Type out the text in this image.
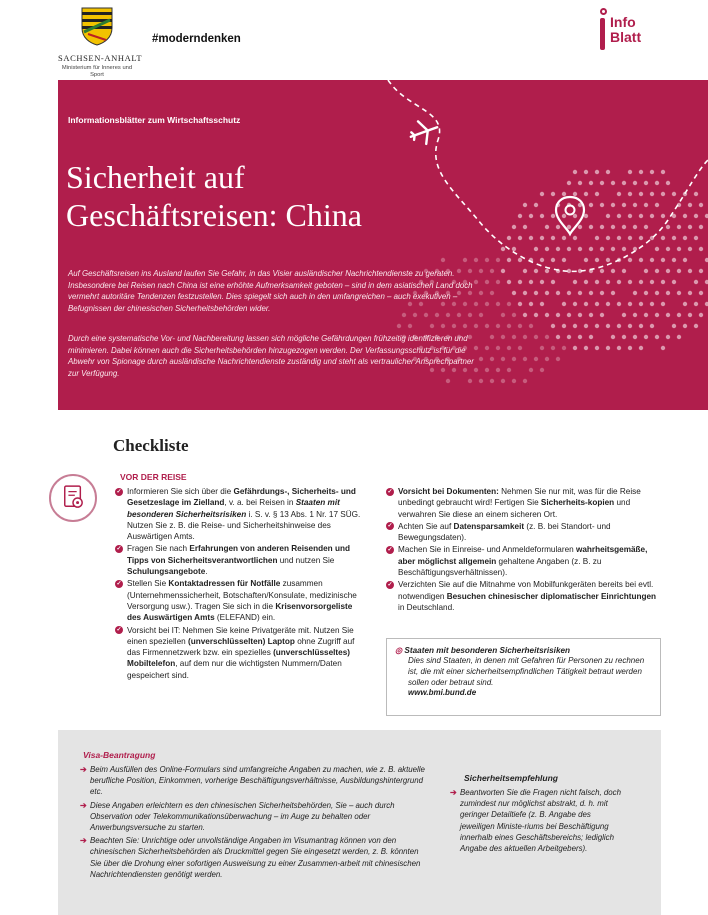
SACHSEN-ANHALT
Ministerium für Inneres und Sport
#moderndenken
Info
Blatt
Informationsblätter zum Wirtschaftsschutz
Sicherheit auf
Geschäftsreisen: China
Auf Geschäftsreisen ins Ausland laufen Sie Gefahr, in das Visier ausländischer Nachrichtendienste zu geraten. Insbesondere bei Reisen nach China ist eine erhöhte Aufmerksamkeit geboten – sind in dem asiatischen Land doch vermehrt autoritäre Tendenzen festzustellen. Dies spiegelt sich auch in den umfangreichen – auch exekutiven – Befugnissen der chinesischen Sicherheitsbehörden wider.
Durch eine systematische Vor- und Nachbereitung lassen sich mögliche Gefährdungen frühzeitig identifizieren und minimieren. Dabei können auch die Sicherheitsbehörden hinzugezogen werden. Der Verfassungsschutz ist für die Abwehr von Spionage durch ausländische Nachrichtendienste zuständig und steht als vertraulicher Ansprechpartner zur Verfügung.
Checkliste
VOR DER REISE
✓ Informieren Sie sich über die Gefährdungs-, Sicherheits- und Gesetzeslage im Zielland, v. a. bei Reisen in Staaten mit besonderen Sicherheitsrisiken i. S. v. § 13 Abs. 1 Nr. 17 SÜG. Nutzen Sie z. B. die Reise- und Sicherheitshinweise des Auswärtigen Amts.
✓ Fragen Sie nach Erfahrungen von anderen Reisenden und Tipps von Sicherheitsverantwortlichen und nutzen Sie Schulungsangebote.
✓ Stellen Sie Kontaktadressen für Notfälle zusammen (Unternehmenssicherheit, Botschaften/Konsulate, medizinische Versorgung usw.). Tragen Sie sich in die Krisenvorsorgeliste des Auswärtigen Amts (ELEFAND) ein.
✓ Vorsicht bei IT: Nehmen Sie keine Privatgeräte mit. Nutzen Sie einen speziellen (unverschlüsselten) Laptop ohne Zugriff auf das Firmennetzwerk bzw. ein spezielles (unverschlüsseltes) Mobiltelefon, auf dem nur die wichtigsten Nummern/Daten gespeichert sind.
✓ Vorsicht bei Dokumenten: Nehmen Sie nur mit, was für die Reise unbedingt gebraucht wird! Fertigen Sie Sicherheits-kopien und verwahren Sie diese an einem sicheren Ort.
✓ Achten Sie auf Datensparsamkeit (z. B. bei Standort- und Bewegungsdaten).
✓ Machen Sie in Einreise- und Anmeldeformularen wahrheitsgemäße, aber möglichst allgemein gehaltene Angaben (z. B. zu Beschäftigungsverhältnissen).
✓ Verzichten Sie auf die Mitnahme von Mobilfunkgeräten bereits bei evtl. notwendigen Besuchen chinesischer diplomatischer Einrichtungen in Deutschland.
◎ Staaten mit besonderen Sicherheitsrisiken
Dies sind Staaten, in denen mit Gefahren für Personen zu rechnen ist, die mit einer sicherheitsempfindlichen Tätigkeit betraut werden sollen oder betraut sind.
www.bmi.bund.de
Visa-Beantragung
➔ Beim Ausfüllen des Online-Formulars sind umfangreiche Angaben zu machen, wie z. B. aktuelle berufliche Position, Einkommen, vorherige Beschäftigungsverhältnisse, Ausbildungshintergrund etc.
➔ Diese Angaben erleichtern es den chinesischen Sicherheitsbehörden, Sie – auch durch Observation oder Telekommunikationsüberwachung – im Auge zu behalten oder Anwerbungsversuche zu starten.
➔ Beachten Sie: Unrichtige oder unvollständige Angaben im Visumantrag können von den chinesischen Sicherheitsbehörden als Druckmittel gegen Sie eingesetzt werden, z. B. könnten Sie über die Drohung einer sofortigen Ausweisung zu einer Zusammen-arbeit mit chinesischen Nachrichtendiensten genötigt werden.
Sicherheitsempfehlung
➔ Beantworten Sie die Fragen nicht falsch, doch zumindest nur möglichst abstrakt, d. h. mit geringer Detailtiefe (z. B. Angabe des jeweiligen Ministe-riums bei Beschäftigung innerhalb eines Geschäftsbereichs; lediglich Angabe des aktuellen Arbeitgebers).
